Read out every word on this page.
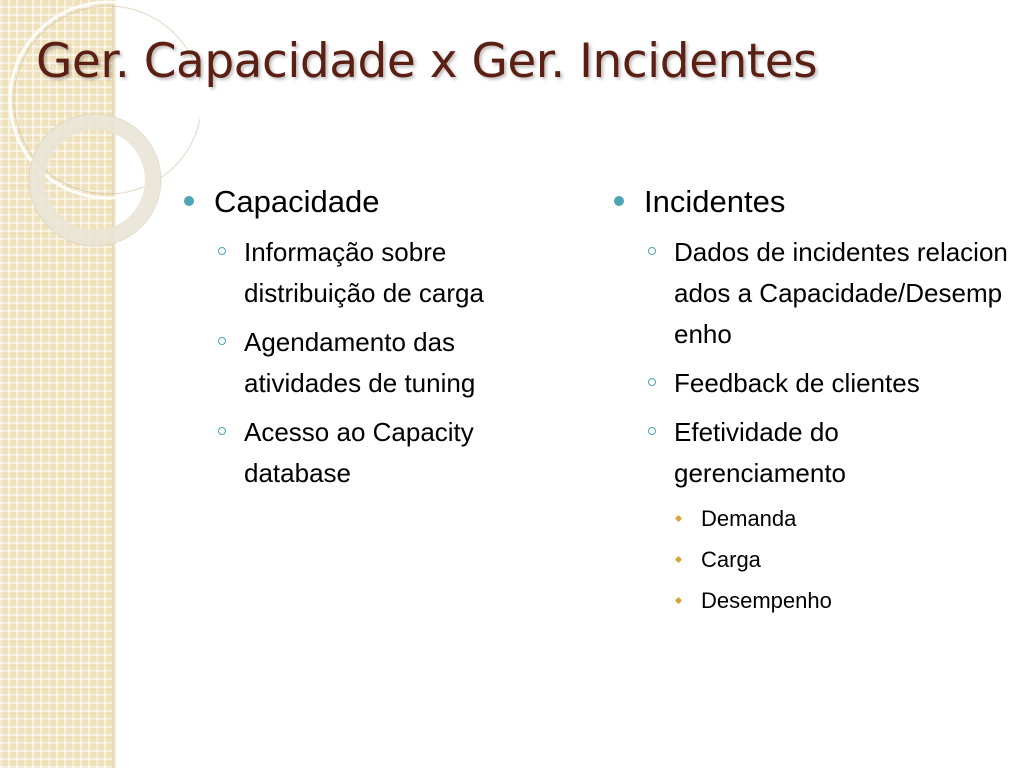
Ger. Capacidade x Ger. Incidentes
Capacidade
Informação sobre distribuição de carga
Agendamento das atividades de tuning
Acesso ao Capacity database
Incidentes
Dados de incidentes relacionados a Capacidade/Desempenho
Feedback de clientes
Efetividade do gerenciamento
Demanda
Carga
Desempenho
